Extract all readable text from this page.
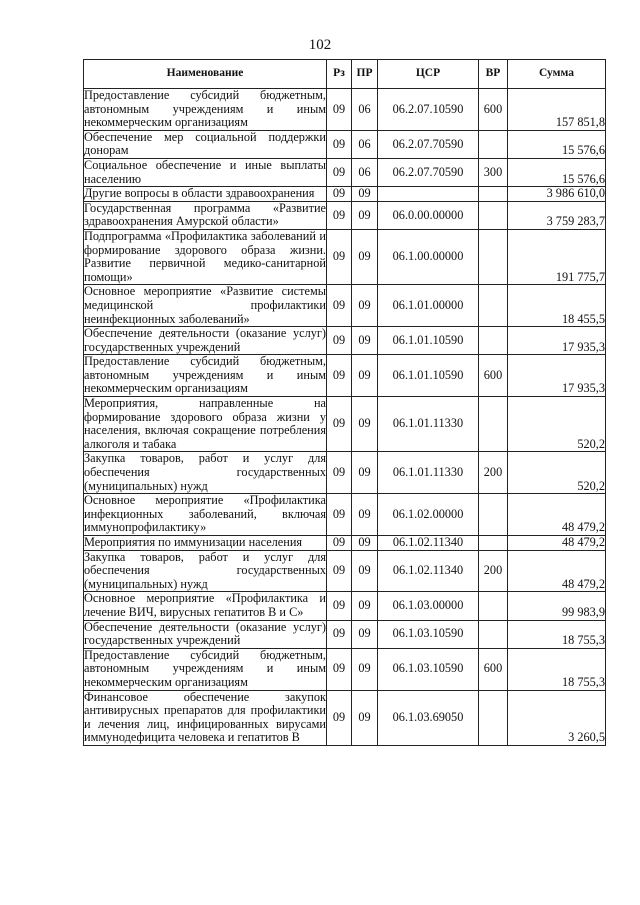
102
Наименование	Рз	ПР	ЦСР	ВР	Сумма
Предоставление субсидий бюджетным, автономным учреждениям и иным некоммерческим организациям	09	06	06.2.07.10590	600	157 851,8
Обеспечение мер социальной поддержки донорам	09	06	06.2.07.70590		15 576,6
Социальное обеспечение и иные выплаты населению	09	06	06.2.07.70590	300	15 576,6
Другие вопросы в области здравоохранения	09	09			3 986 610,0
Государственная программа «Развитие здравоохранения Амурской области»	09	09	06.0.00.00000		3 759 283,7
Подпрограмма «Профилактика заболеваний и формирование здорового образа жизни. Развитие первичной медико-санитарной помощи»	09	09	06.1.00.00000		191 775,7
Основное мероприятие «Развитие системы медицинской профилактики неинфекционных заболеваний»	09	09	06.1.01.00000		18 455,5
Обеспечение деятельности (оказание услуг) государственных учреждений	09	09	06.1.01.10590		17 935,3
Предоставление субсидий бюджетным, автономным учреждениям и иным некоммерческим организациям	09	09	06.1.01.10590	600	17 935,3
Мероприятия, направленные на формирование здорового образа жизни у населения, включая сокращение потребления алкоголя и табака	09	09	06.1.01.11330		520,2
Закупка товаров, работ и услуг для обеспечения государственных (муниципальных) нужд	09	09	06.1.01.11330	200	520,2
Основное мероприятие «Профилактика инфекционных заболеваний, включая иммунопрофилактику»	09	09	06.1.02.00000		48 479,2
Мероприятия по иммунизации населения	09	09	06.1.02.11340		48 479,2
Закупка товаров, работ и услуг для обеспечения государственных (муниципальных) нужд	09	09	06.1.02.11340	200	48 479,2
Основное мероприятие «Профилактика и лечение ВИЧ, вирусных гепатитов В и С»	09	09	06.1.03.00000		99 983,9
Обеспечение деятельности (оказание услуг) государственных учреждений	09	09	06.1.03.10590		18 755,3
Предоставление субсидий бюджетным, автономным учреждениям и иным некоммерческим организациям	09	09	06.1.03.10590	600	18 755,3
Финансовое обеспечение закупок антивирусных препаратов для профилактики и лечения лиц, инфицированных вирусами иммунодефицита человека и гепатитов В	09	09	06.1.03.69050		3 260,5
